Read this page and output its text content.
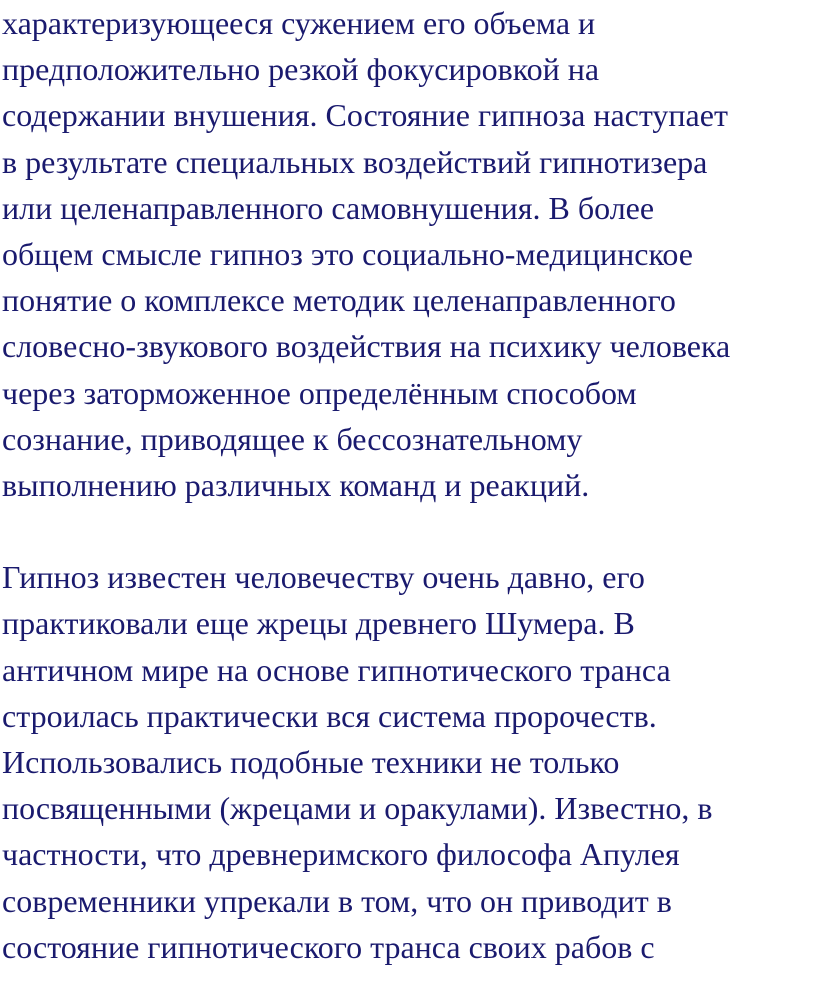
характеризующееся сужением его объема и
предположительно резкой фокусировкой на
содержании внушения. Состояние гипноза наступает
в результате специальных воздействий гипнотизера
или целенаправленного самовнушения. В более
общем смысле гипноз это социально-медицинское
понятие о комплексе методик целенаправленного
словесно-звукового воздействия на психику человека
через заторможенное определённым способом
сознание, приводящее к бессознательному
выполнению различных команд и реакций.
Гипноз известен человечеству очень давно, его
практиковали еще жрецы древнего Шумера. В
античном мире на основе гипнотического транса
строилась практически вся система пророчеств.
Использовались подобные техники не только
посвященными (жрецами и оракулами). Известно, в
частности, что древнеримского философа Апулея
современники упрекали в том, что он приводит в
состояние гипнотического транса своих рабов с
